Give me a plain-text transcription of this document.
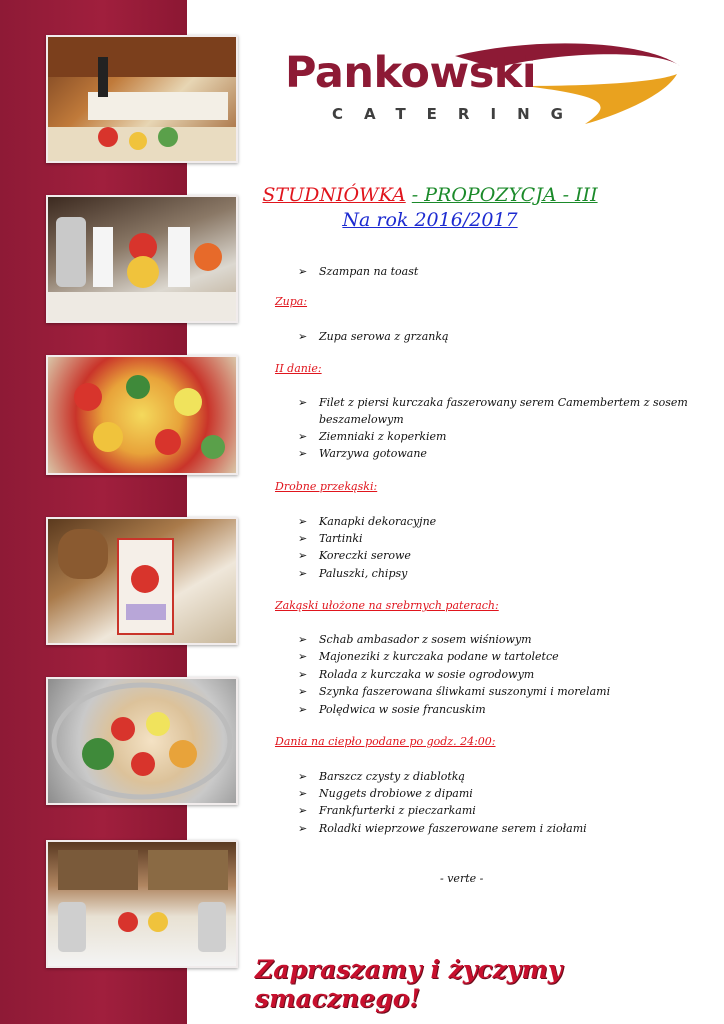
Pankowski
CATERING
STUDNIÓWKA - PROPOZYCJA - III
Na rok 2016/2017
➢ Szampan na toast
Zupa:
➢ Zupa serowa z grzanką
II danie:
➢ Filet z piersi kurczaka faszerowany serem Camembertem z sosem beszamelowym
➢ Ziemniaki z koperkiem
➢ Warzywa gotowane
Drobne przekąski:
➢ Kanapki dekoracyjne
➢ Tartinki
➢ Koreczki serowe
➢ Paluszki, chipsy
Zakąski ułożone na srebrnych paterach:
➢ Schab ambasador z sosem wiśniowym
➢ Majonezikі z kurczaka podane w tartoletce
➢ Rolada z kurczaka w sosie ogrodowym
➢ Szynka faszerowana śliwkami suszonymi i morelami
➢ Polędwica w sosie francuskim
Dania na ciepło podane po godz. 24:00:
➢ Barszcz czysty z diablotką
➢ Nuggets drobiowe z dipami
➢ Frankfurterki z pieczarkami
➢ Roladki wieprzowe faszerowane serem i ziołami
- verte -
Zapraszamy i życzymy smacznego!
